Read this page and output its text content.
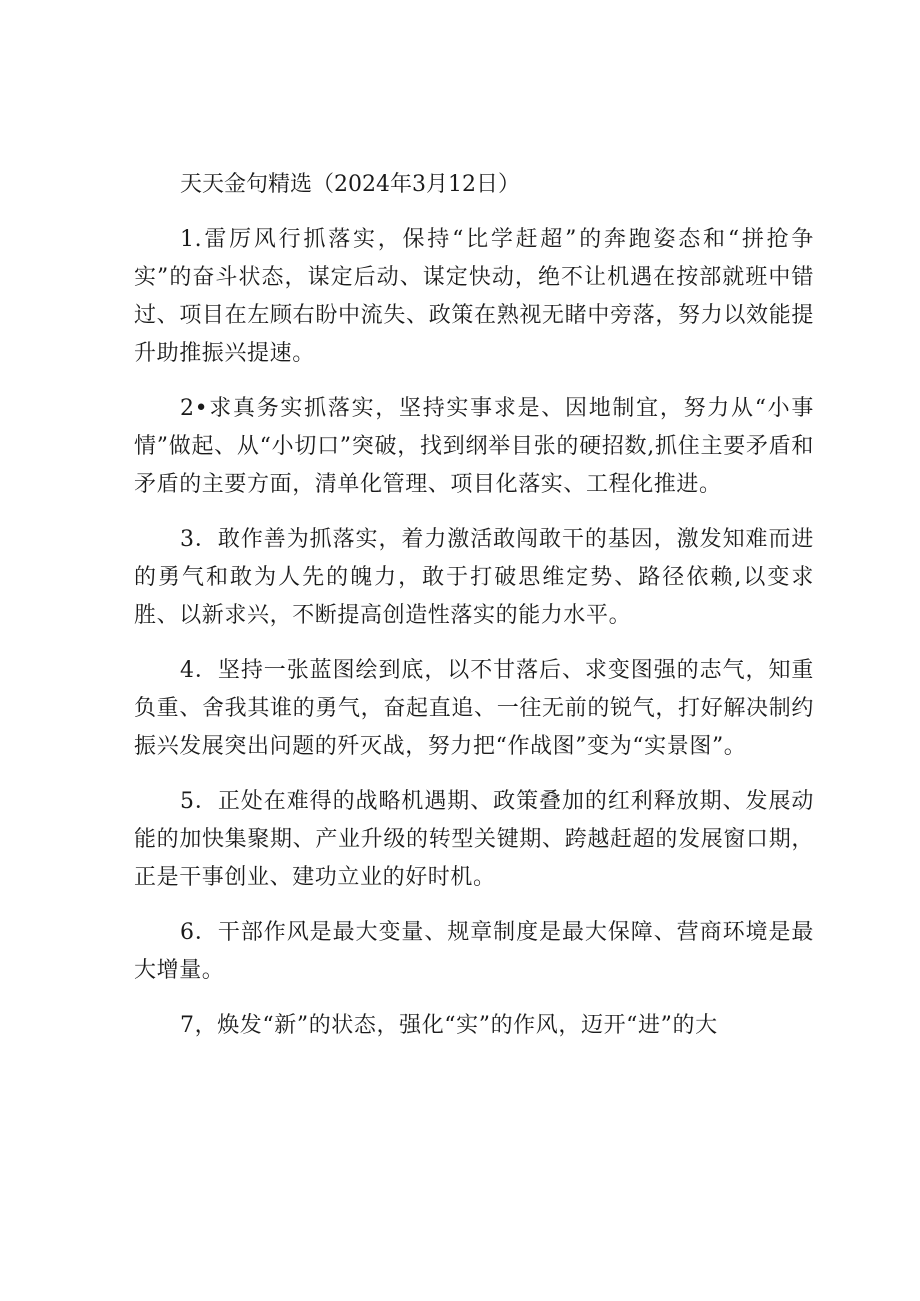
天天金句精选（2024年3月12日）

1.雷厉风行抓落实，保持“比学赶超”的奔跑姿态和“拼抢争实”的奋斗状态，谋定后动、谋定快动，绝不让机遇在按部就班中错过、项目在左顾右盼中流失、政策在熟视无睹中旁落，努力以效能提升助推振兴提速。

2•求真务实抓落实，坚持实事求是、因地制宜，努力从“小事情”做起、从“小切口”突破，找到纲举目张的硬招数,抓住主要矛盾和矛盾的主要方面，清单化管理、项目化落实、工程化推进。

3．敢作善为抓落实，着力激活敢闯敢干的基因，激发知难而进的勇气和敢为人先的魄力，敢于打破思维定势、路径依赖,以变求胜、以新求兴，不断提高创造性落实的能力水平。

4．坚持一张蓝图绘到底，以不甘落后、求变图强的志气，知重负重、舍我其谁的勇气，奋起直追、一往无前的锐气，打好解决制约振兴发展突出问题的歼灭战，努力把“作战图”变为“实景图”。

5．正处在难得的战略机遇期、政策叠加的红利释放期、发展动能的加快集聚期、产业升级的转型关键期、跨越赶超的发展窗口期，正是干事创业、建功立业的好时机。

6．干部作风是最大变量、规章制度是最大保障、营商环境是最大增量。

7，焕发“新”的状态，强化“实”的作风，迈开“进”的大
